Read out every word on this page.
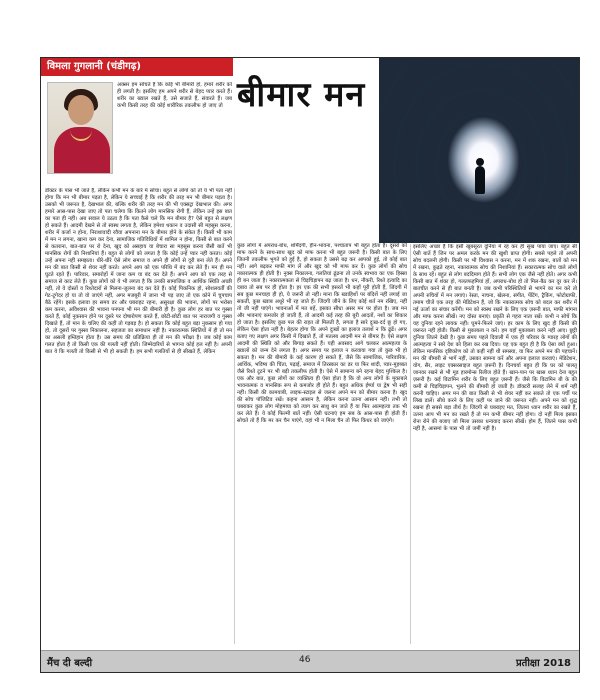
विमला गुगलानी (चंडीगढ़)
बीमार मन
अक्सर हम सोचते हैं कि कोई भी बीमारी हो, हमारे शरीर को ही लगती है। इसलिए हम अपने शरीर से बेहद प्यार करते हैं। शरीर का ख्याल रखते हैं, उसे सजाते हैं, संवारते हैं। जब कभी किसी तरह की कोई शारीरिक तकलीफ हो जाए तो
डॉक्टर के पास भी जाते हैं, लेकिन कभी मन के बारे में सोचा। बहुत से लोगों को तो ये भी पता नहीं होगा कि मन भी बीमार पड़ता है, लेकिन ये सच्चाई है कि शरीर की तरह मन भी बीमार पड़ता है। उसको भी जरूरत है, देखभाल की, बल्कि शरीर की तरह मन की भी एक्सट्रा देखभाल की। अगर हमारे आस-पास देखा जाए तो पता चलेगा कि कितने लोग मानसिक रोगी हैं, लेकिन उन्हें इस बात का पता ही नहीं। अब सवाल ये उठता है कि पता कैसे चले कि मन बीमार है? ऐसे बहुत से लक्षण हो सकते हैं। आदमी देखने से तो स्वस्थ लगता है, लेकिन हमेशा थकान व उदासी सी महसूस करना, शरीर में कर्जा न होना, निराशावादी रवैया अपनाना मन के बीमार होने के संकेत हैं। किसी भी काम में मन न लगना, खाना कम कर देना, सामाजिक गतिविधियों में शामिल न होना, किसी से बात करने से कतराना, बात-बात पर रो देना, खुद को असहाय या बेचारा सा महसूस करना जैसी बातें भी मानसिक रोगों की निशानियां हैं। बहुत से लोगों को लगता है कि कोई उन्हें प्यार नहीं करता। कोई उन्हें अपना नहीं समझता। धीरे-धीरे ऐसे लोग समाज व अपने ही लोगों से दूरी बना लेते हैं। अपने मन की बात किसी से शेयर नहीं करते। अपने आप को एक परिधि में बंद कर लेते हैं। मन ही मन घुटते रहते हैं। पारिवार, समारोहों में जाना कम या बंद कर देते हैं। अपने आप को एक तरह से समाज से काट लेते हैं। कुछ लोगों को ये भी लगता है कि उनकी सामाजिक व आर्थिक स्थिति अच्छी नहीं, तो वे दोस्तों व रिश्तेदारों से मिलना-जुलना बंद कर देते हैं। कोई पिकनिक हो, सोशलवर्ती की गेट-टूगेदर हो या तो वो जाएंगे नहीं, अगर मजबूरी में जाना भी पड़ जाए तो एक कोने में चुपचाप बैठे रहेंगे। इसके इलावा हर समय डर और घबराहट रहना, असुरक्षा की भावना, लोगों पर भरोसा कम करना, अविश्वास की भावना पनपना भी मन की बीमारी ही है। कुछ लोग हर बात पर गुस्सा करते हैं, कोई नुकसान होने पर दूसरे पर दोषारोपण करते हैं, छोटी-छोटी बात पर नाराजगी व गुस्सा दिखाते हैं, तो मान के चलिए की कहीं तो गड़बड़ है। हो सकता कि कोई बहुत बड़ा नुकसान हो गया हो, तो दूसरों पर गुस्सा निकालना, सहजता का समाधान नहीं है। नकारात्मक स्थितियों में ही तो मन का असली इम्तिहान होता है। उस समय की प्रतिक्रिया ही तो मन की परीक्षा है। जब कोई काम गलत होता है तो किसी एक की गलती नहीं होती। जिम्मेदारियों से भागना कोई हल नहीं है। अपनी बात ये कि गलती तो किसी से भी हो सकती है। हम सभी गलतियों से ही सीखते हैं, लेकिन
कुछ लोगों में अपराध-बोध, शर्मिंदगी, हीन-भावना, पश्चाताप भी बहुत होता है। दूसरों को माफ करने के साथ-साथ खुद को माफ करना भी बहुत जरूरी है। किसी बात के लिए जितनी तकलीफ भुगते को हुई है, हो सकता है उससे बढ़ कर आपको हुई, तो कोई बात नहीं। आगे बढ़कर माफी मांग लें और खुद को भी माफ कर दें। कुछ लोगों की सोच नकारात्मक ही होती है। नुक्स निकालना, गलतियां ढूंढना तो उनके स्वभाव का एक हिस्सा ही बन जाता है। नकारात्मकता से चिड़चिड़ापन बढ़ जाता है। धन, नौकरी, रिश्ते इत्यादि का दबाव तो सब पर ही होता है। हर एक की सभी हसरतें भी कहाँ पूरी होती हैं, जिंदगी में सब कुछ मनचाहा ही हो, ये जरूरी तो नहीं। माना कि ख्वाहिशों पर बंदिशें नहीं लगाई जा सकतीं, कुछ ख्वाब अधूरे भी रह जाते हैं। जिंदगी जीने के लिए कोई शर्त नम रखिए, नहीं तो जी नहीं पाएंगे। भावनाओं में मत बहें, इसका सीधा असर मन पर होता है। जब मन और भावनाएं कमजोर हो जाती हैं, तो आदमी कई तरह की बुरी आदतों, नशों का शिकार हो जाता है। इसलिए कुछ पल की राहत तो मिलती है, लगता है सारे दुःख-दर्द छू हो गए, लेकिन ऐसा होता नहीं है। बेहतर होगा कि अपने दुःखों का इलाज तलाशें न कि ढूंढें। अगर बताए गए लक्षण अगर किसी में दिखाते हैं, तो मतलब आदमी मन से बीमार है। ऐसे लक्षण आदमी की स्थिति को और बिगाड़ सकते हैं। यही अवसाद आगे चलकर आत्महत्या के ख्यालों को जन्म देने लगता है। अगर समय पर इलाज न करवाया गया तो कुछ भी हो सकता है। मन की बीमारी के कई कारण हो सकते हैं, जैसे कि सामाजिक, पारिवारिक, आर्थिक, भविष्य की चिंता, पढ़ाई, समाज में तिरस्कार का डर या फिर शादी, प्यार-मुहब्बत जैसे रिश्ते टूटने पर भी बड़ी तकलीफ होती है। ऐसे में सामान्य बने रहना बेहद मुश्किल है। एक और बात, कुछ लोगों का व्यक्तित्व ही ऐसा होता है कि वो अन्य लोगों के मुकाबले भावनात्मक व मानसिक रूप से कमजोर ही होते हैं। बहुत अधिक ईर्ष्या या द्वेष भी सही नहीं। किसी की कामयाबी, लाइफ-स्टाइल से जलना अपने मन को बीमार करना है। खुद की सोच पॉजिटिव रखें। कहना आसान है, लेकिन करना उतना आसान नहीं। तभी तो घबराकर कुछ लोग मोहमाया को त्याग कर साधु बन जाते हैं या फिर आत्महत्या तक भी कर लेते हैं। ये कोई फिल्मी बातें नहीं। ऐसी घटनाएं हम सब के आस-पास ही होती हैं। सोचते तो हैं कि मर कर चैन पाएंगे, वहां भी न मिला चैन तो फिर किधर को जाएंगे।
इसलिए अच्छा है कि इसी खूबसूरत दुनिया में रह कर ही सुख पाया जाए। बहुत सी ऐसी बातें हैं जिन पर अमल करके मन की खुशी प्राप्त होगी। सबसे पहले तो अपनी सोच बदलनी होगी। किसी पर भी विश्वास न करना, मन में शक रखना, बातों को मन में रखना, कुढ़ते रहना, नकारात्मक सोच की निशानियां हैं। सकारात्मक सोच वाले लोगों के साथ रहें। बहुत से लोग बददिमाग होते हैं। सभी लोग एक जैसे नहीं होते। अगर कभी किसी बात में शंका हो, गलतफहमियां हों, अपराध-बोध हो तो मिल-बैठ कर दूर कर लें। बातचीत करने से ही बात बनती है। जब कभी परिस्थितियों से भागने का मन करे तो अपनी रुचियों में मन लगाएं। रेस्ता, नाचना, खेलना, संगीत, पेंटिंग, ट्रैकिंग, फोटोग्राफी, तमाम चीजें एक तरह की मेडिटेशन हैं, जो कि नकारात्मक सोच को बदल कर शरीर में नई ऊर्जा का संचार करेंगी। मन को स्वस्थ रखने के लिए एक ज़रूरी बात, माफी मांगना और माफ करना सीखें। नए दोस्त बनाएं। प्रकृति से गहरा नाता रखें। कभी न सोचें कि यह दुनिया रहने लायक नहीं। घूमने-फिरने जाएं। हर काम के लिए खुद ही किसी की जरूरत नहीं होती। किसी से मुकाबला न करें। हम यहाँ मुकाबला करने नहीं आए। छुट्टी दुनिया जितने देखी है। कुछ समय पहले दिवाली में एक ही परिवार के ग्यारह लोगों की आत्महत्या ने सारे देश को हिला कर रख दिया। यह एक बहुत ही है कि ऐसा क्यों हुआ। लेकिन मानसिक दृष्टिकोण को तो कहीं नहीं थी समस्या, या फिर अपने मन की पहचानें। मन की बीमारी से भागें नहीं, उसका सामना करें और अपना इलाज करवाएं। मेडिटेशन, योग, सैर, लाइट एक्सरसाइज बहुत ज़रूरी है। दिनचर्या बहुत ही कि घर को पालतू जानवर रखने से भी मूड हारमोन्स रिलीज होते हैं। खान-पान पर खास ध्यान देना बहुत ज़रूरी है। कई विटामिन शरीर के लिए बहुत ज़रूरी हैं। जैसे कि विटामिन बी के की कमी से चिड़चिड़ापन, भुलने की बीमारी हो जाती है। डॉक्टरी सलाह लेने में शर्म नहीं करनी चाहिए। अगर मन की बात किसी से भी शेयर नहीं कर सकते तो एक पर्ची पर लिख डालें। सीधे करने के लिए कहीं पर जाने की जरूरत नहीं। अपने मन को शुद्ध रखना ही सबसे बड़ा तीर्थ है। जिंदगी से घबराइए मत, जितना ध्यान शरीर का रखते हैं, उतना आप भी मन का रखते हैं तो मन कभी बीमार नहीं होगा। दो नहीं मिला इसका रोना रोने की बजाए जो मिला उसका धन्यवाद करना सीखें। होम हैं, जितने पास कभी नहीं है, आसमां के पास भी तो जमीं नहीं है।
मैंच दी बल्दी	46	प्रतीक्षा 2018
